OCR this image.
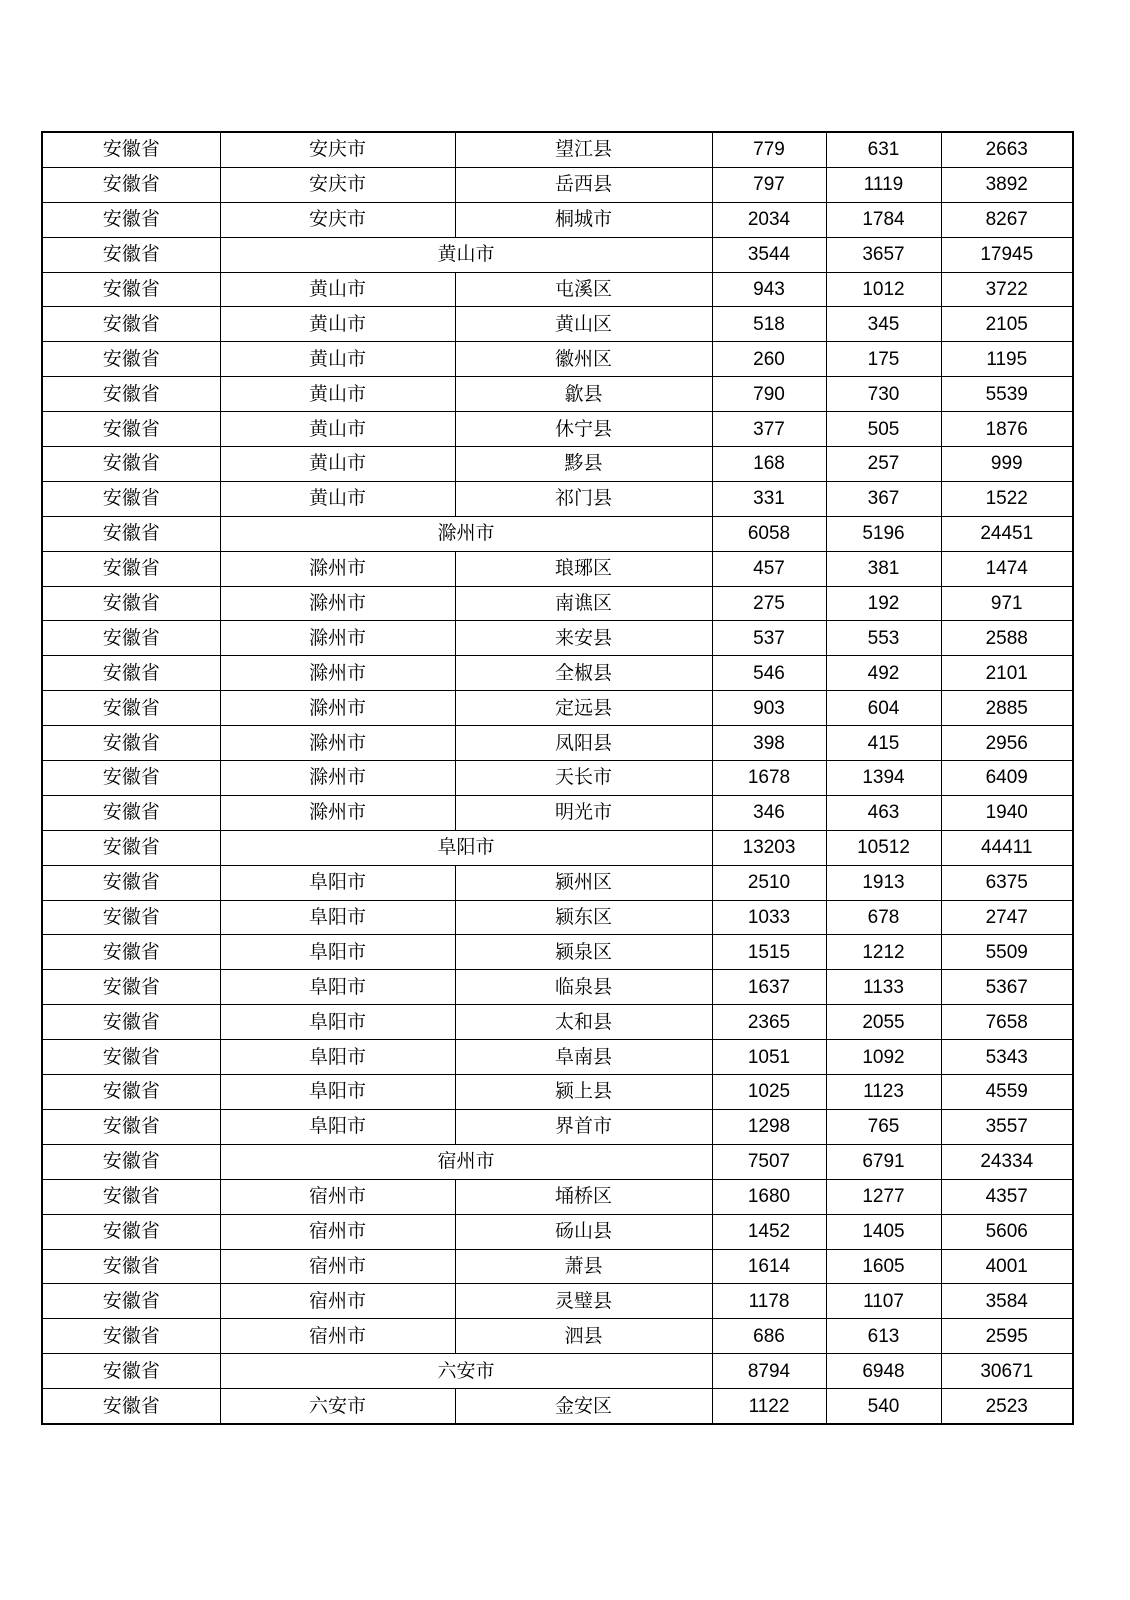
安徽省	安庆市	望江县	779	631	2663
安徽省	安庆市	岳西县	797	1119	3892
安徽省	安庆市	桐城市	2034	1784	8267
安徽省	黄山市		3544	3657	17945
安徽省	黄山市	屯溪区	943	1012	3722
安徽省	黄山市	黄山区	518	345	2105
安徽省	黄山市	徽州区	260	175	1195
安徽省	黄山市	歙县	790	730	5539
安徽省	黄山市	休宁县	377	505	1876
安徽省	黄山市	黟县	168	257	999
安徽省	黄山市	祁门县	331	367	1522
安徽省	滁州市		6058	5196	24451
安徽省	滁州市	琅琊区	457	381	1474
安徽省	滁州市	南谯区	275	192	971
安徽省	滁州市	来安县	537	553	2588
安徽省	滁州市	全椒县	546	492	2101
安徽省	滁州市	定远县	903	604	2885
安徽省	滁州市	凤阳县	398	415	2956
安徽省	滁州市	天长市	1678	1394	6409
安徽省	滁州市	明光市	346	463	1940
安徽省	阜阳市		13203	10512	44411
安徽省	阜阳市	颍州区	2510	1913	6375
安徽省	阜阳市	颍东区	1033	678	2747
安徽省	阜阳市	颍泉区	1515	1212	5509
安徽省	阜阳市	临泉县	1637	1133	5367
安徽省	阜阳市	太和县	2365	2055	7658
安徽省	阜阳市	阜南县	1051	1092	5343
安徽省	阜阳市	颍上县	1025	1123	4559
安徽省	阜阳市	界首市	1298	765	3557
安徽省	宿州市		7507	6791	24334
安徽省	宿州市	埇桥区	1680	1277	4357
安徽省	宿州市	砀山县	1452	1405	5606
安徽省	宿州市	萧县	1614	1605	4001
安徽省	宿州市	灵璧县	1178	1107	3584
安徽省	宿州市	泗县	686	613	2595
安徽省	六安市		8794	6948	30671
安徽省	六安市	金安区	1122	540	2523
